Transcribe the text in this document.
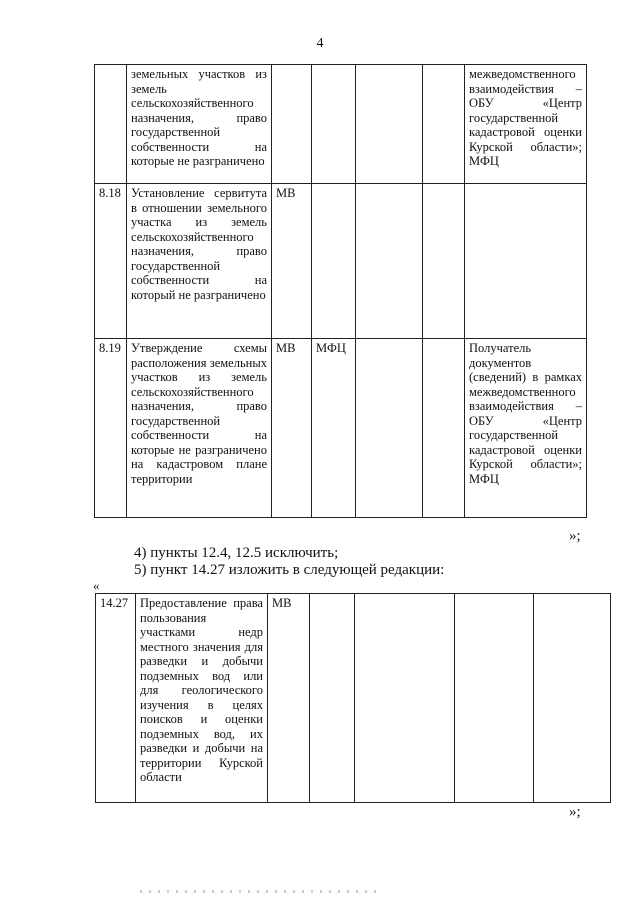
4
	земельных участков из земель сельскохозяйственного назначения, право государственной собственности на которые не разграничено					межведомственного взаимодействия – ОБУ «Центр государственной кадастровой оценки Курской области»; МФЦ
8.18	Установление сервитута в отношении земельного участка из земель сельскохозяйственного назначения, право государственной собственности на который не разграничено	МВ				
8.19	Утверждение схемы расположения земельных участков из земель сельскохозяйственного назначения, право государственной собственности на которые не разграничено на кадастровом плане территории	МВ	МФЦ			Получатель документов (сведений) в рамках межведомственного взаимодействия – ОБУ «Центр государственной кадастровой оценки Курской области»; МФЦ
»;
4) пункты 12.4, 12.5 исключить;
5) пункт 14.27 изложить в следующей редакции:
«
14.27	Предоставление права пользования участками недр местного значения для разведки и добычи подземных вод или для геологического изучения в целях поисков и оценки подземных вод, их разведки и добычи на территории Курской области	МВ				
»;
